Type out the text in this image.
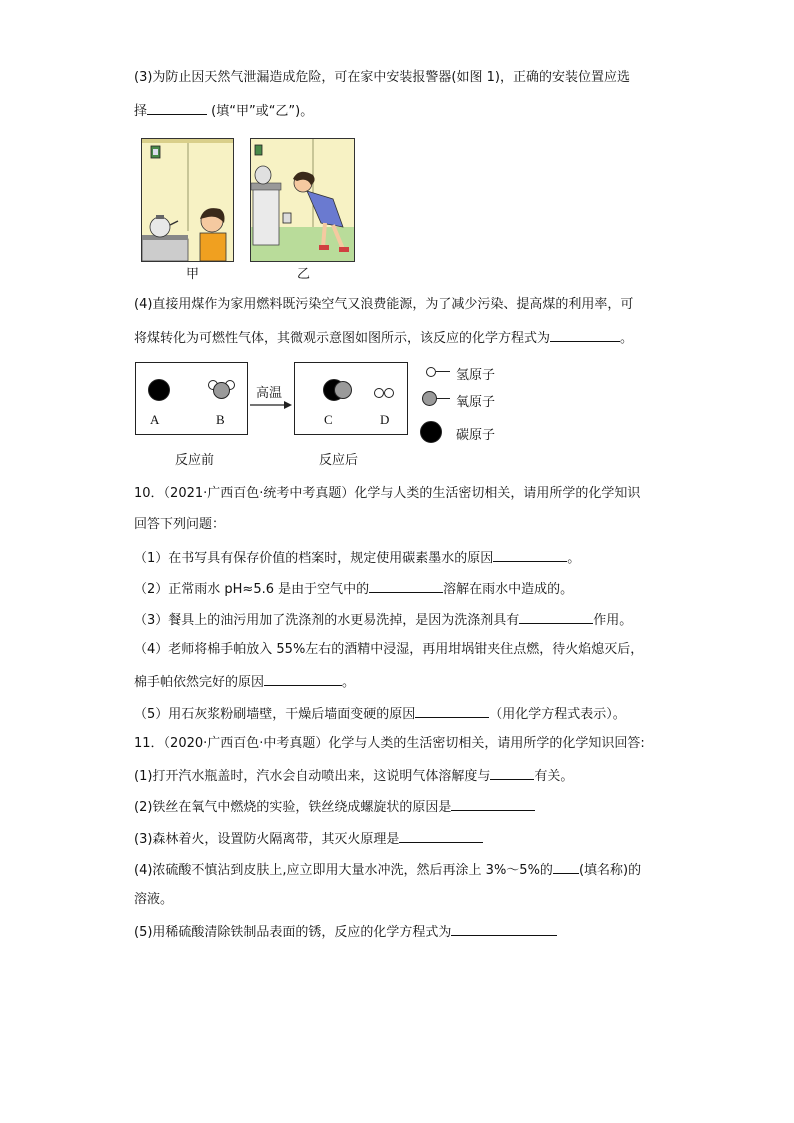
(3)为防止因天然气泄漏造成危险，可在家中安装报警器(如图 1)，正确的安装位置应选
择	(填“甲”或“乙”)。
甲	乙
(4)直接用煤作为家用燃料既污染空气又浪费能源，为了减少污染、提高煤的利用率，可
将煤转化为可燃性气体，其微观示意图如图所示，该反应的化学方程式为	。
A	B
高温
C	D
反应前	反应后
氢原子
氧原子
碳原子
10．（2021·广西百色·统考中考真题）化学与人类的生活密切相关，请用所学的化学知识
回答下列问题：
（1）在书写具有保存价值的档案时，规定使用碳素墨水的原因	。
（2）正常雨水 pH≈5.6 是由于空气中的	溶解在雨水中造成的。
（3）餐具上的油污用加了洗涤剂的水更易洗掉，是因为洗涤剂具有	作用。
（4）老师将棉手帕放入 55%左右的酒精中浸湿，再用坩埚钳夹住点燃，待火焰熄灭后，
棉手帕依然完好的原因	。
（5）用石灰浆粉刷墙壁，干燥后墙面变硬的原因	（用化学方程式表示）。
11．（2020·广西百色·中考真题）化学与人类的生活密切相关，请用所学的化学知识回答:
(1)打开汽水瓶盖时，汽水会自动喷出来，这说明气体溶解度与	有关。
(2)铁丝在氧气中燃烧的实验，铁丝绕成螺旋状的原因是
(3)森林着火，设置防火隔离带，其灭火原理是
(4)浓硫酸不慎沾到皮肤上,应立即用大量水冲洗，然后再涂上 3%～5%的 (填名称)的
溶液。
(5)用稀硫酸清除铁制品表面的锈，反应的化学方程式为
